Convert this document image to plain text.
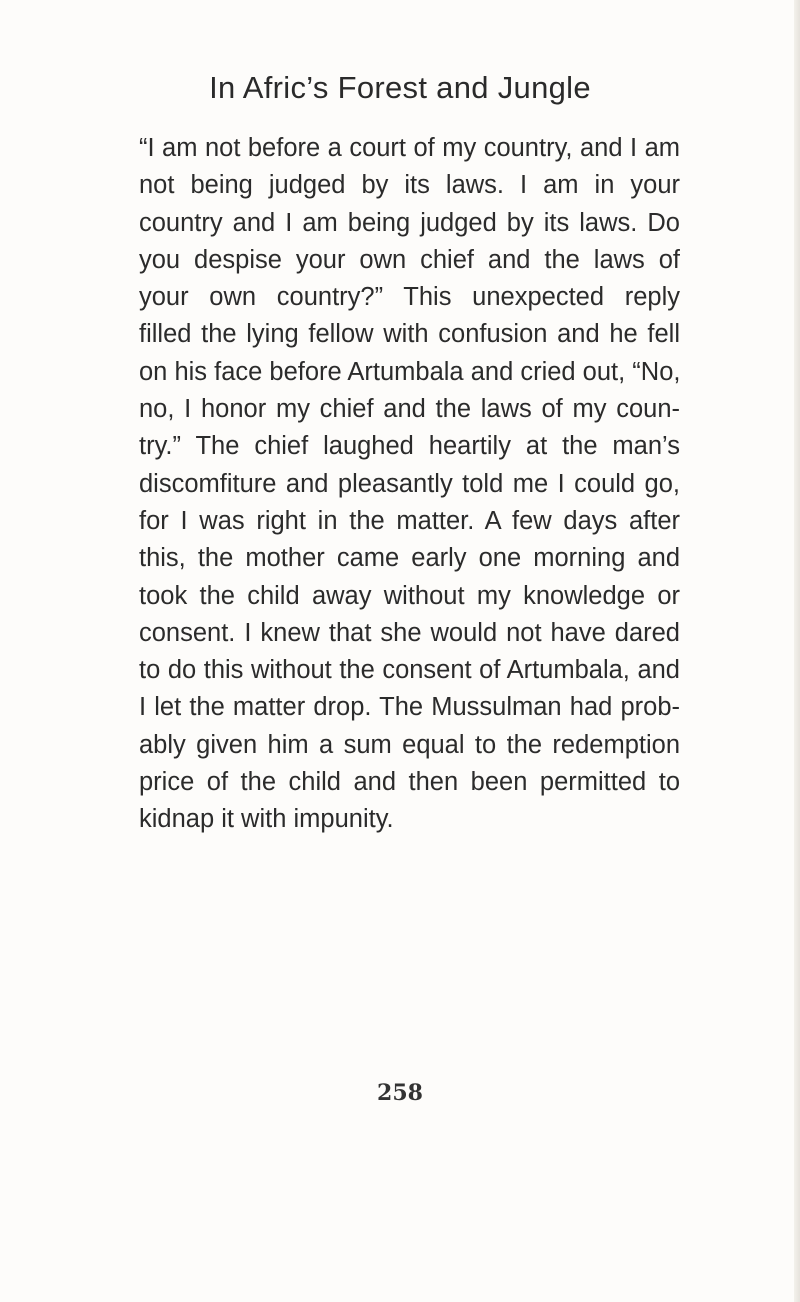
In Afric’s Forest and Jungle
“I am not before a court of my country, and I am
not being judged by its laws. I am in your
country and I am being judged by its laws. Do
you despise your own chief and the laws of
your own country?” This unexpected reply
filled the lying fellow with confusion and he fell
on his face before Artumbala and cried out, “No,
no, I honor my chief and the laws of my coun-
try.” The chief laughed heartily at the man’s
discomfiture and pleasantly told me I could go,
for I was right in the matter. A few days after
this, the mother came early one morning and
took the child away without my knowledge or
consent. I knew that she would not have dared
to do this without the consent of Artumbala, and
I let the matter drop. The Mussulman had prob-
ably given him a sum equal to the redemption
price of the child and then been permitted to
kidnap it with impunity.
258
